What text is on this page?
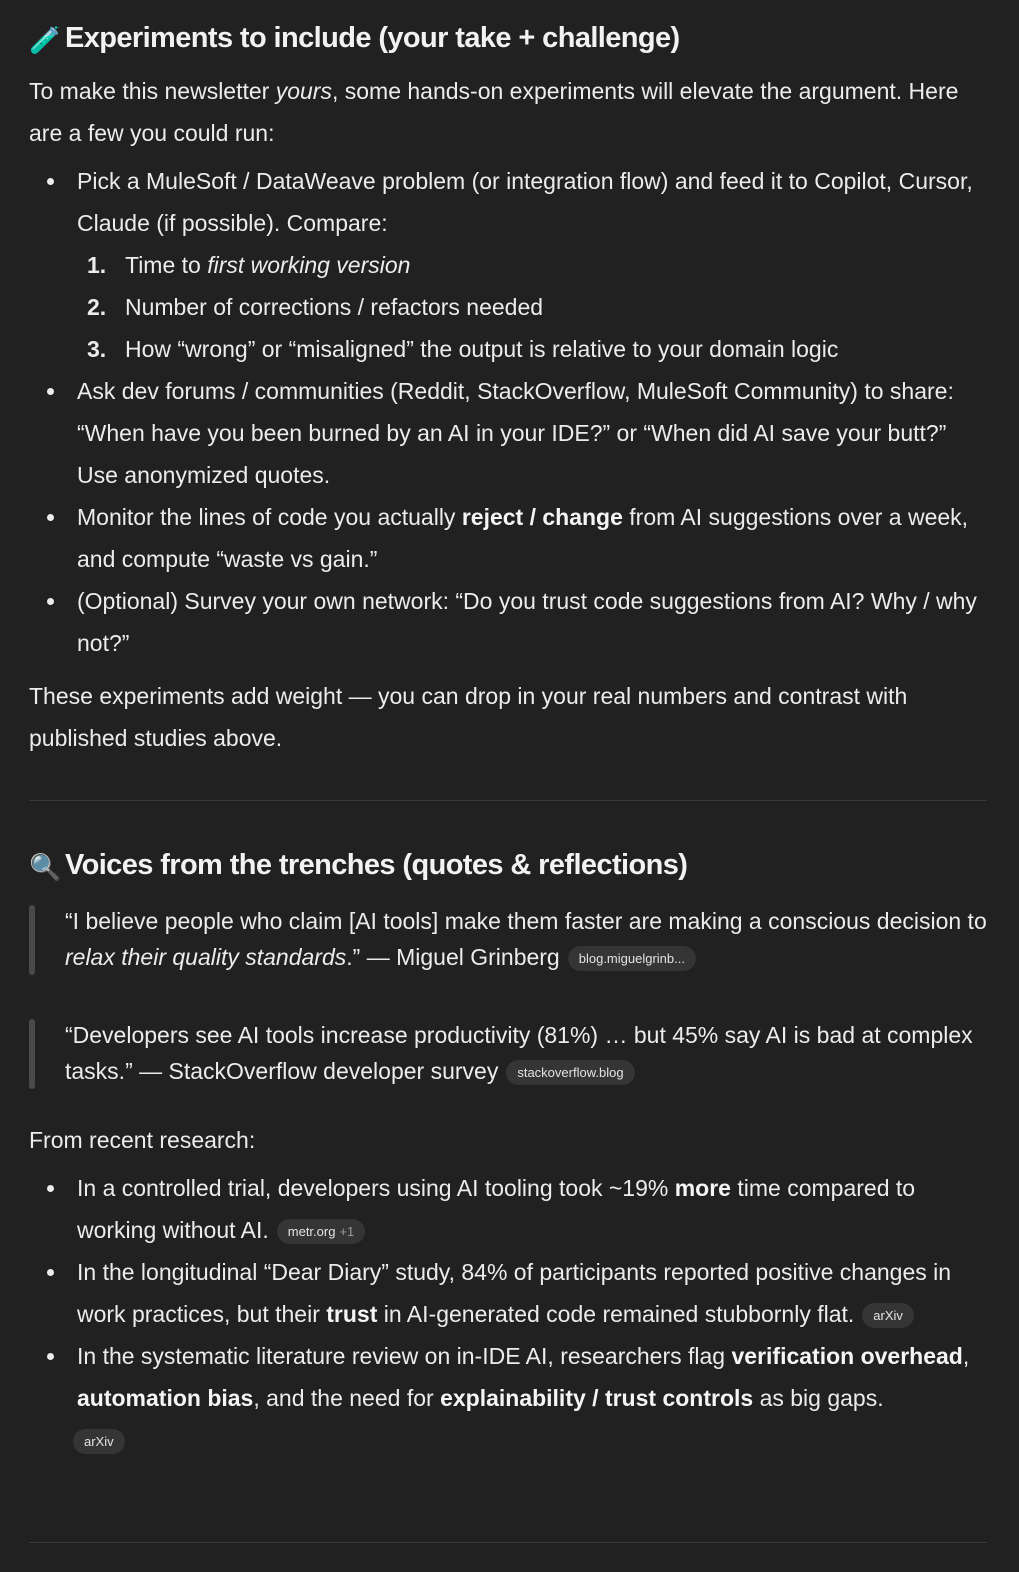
🧪 Experiments to include (your take + challenge)

To make this newsletter yours, some hands-on experiments will elevate the argument. Here are a few you could run:

Pick a MuleSoft / DataWeave problem (or integration flow) and feed it to Copilot, Cursor, Claude (if possible). Compare:
1. Time to first working version
2. Number of corrections / refactors needed
3. How “wrong” or “misaligned” the output is relative to your domain logic
Ask dev forums / communities (Reddit, StackOverflow, MuleSoft Community) to share: “When have you been burned by an AI in your IDE?” or “When did AI save your butt?” Use anonymized quotes.
Monitor the lines of code you actually reject / change from AI suggestions over a week, and compute “waste vs gain.”
(Optional) Survey your own network: “Do you trust code suggestions from AI? Why / why not?”

These experiments add weight — you can drop in your real numbers and contrast with published studies above.

🔍 Voices from the trenches (quotes & reflections)
“I believe people who claim [AI tools] make them faster are making a conscious decision to relax their quality standards.” — Miguel Grinberg blog.miguelgrinb...
“Developers see AI tools increase productivity (81%) … but 45% say AI is bad at complex tasks.” — StackOverflow developer survey stackoverflow.blog

From recent research:

In a controlled trial, developers using AI tooling took ~19% more time compared to working without AI. metr.org +1
In the longitudinal “Dear Diary” study, 84% of participants reported positive changes in work practices, but their trust in AI-generated code remained stubbornly flat. arXiv
In the systematic literature review on in-IDE AI, researchers flag verification overhead, automation bias, and the need for explainability / trust controls as big gaps.
arXiv
